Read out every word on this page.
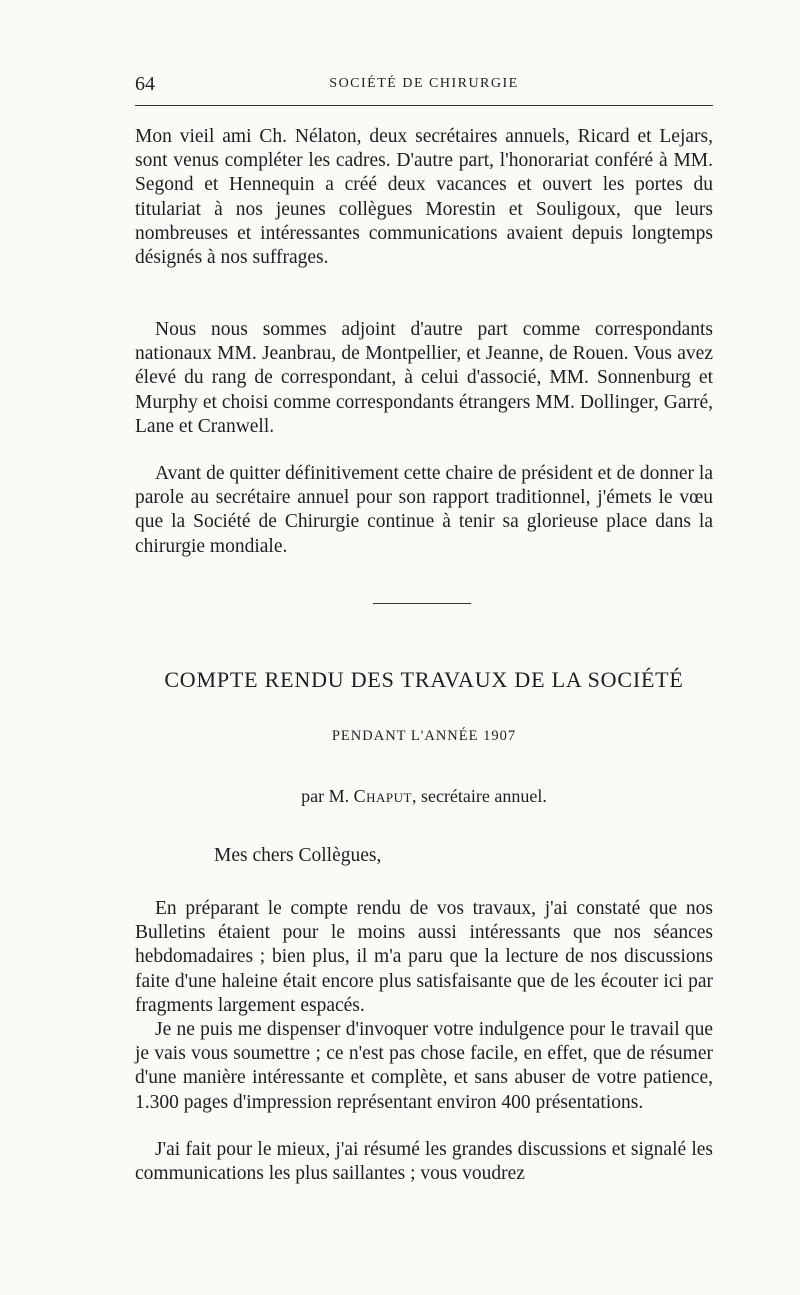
64	SOCIÉTÉ DE CHIRURGIE

Mon vieil ami Ch. Nélaton, deux secrétaires annuels, Ricard et Lejars, sont venus compléter les cadres. D'autre part, l'honorariat conféré à MM. Segond et Hennequin a créé deux vacances et ouvert les portes du titulariat à nos jeunes collègues Morestin et Souligoux, que leurs nombreuses et intéressantes communications avaient depuis longtemps désignés à nos suffrages.

Nous nous sommes adjoint d'autre part comme correspondants nationaux MM. Jeanbrau, de Montpellier, et Jeanne, de Rouen. Vous avez élevé du rang de correspondant, à celui d'associé, MM. Sonnenburg et Murphy et choisi comme correspondants étrangers MM. Dollinger, Garré, Lane et Cranwell.

Avant de quitter définitivement cette chaire de président et de donner la parole au secrétaire annuel pour son rapport traditionnel, j'émets le vœu que la Société de Chirurgie continue à tenir sa glorieuse place dans la chirurgie mondiale.

COMPTE RENDU DES TRAVAUX DE LA SOCIÉTÉ
PENDANT L'ANNÉE 1907
par M. Chaput, secrétaire annuel.
Mes chers Collègues,

En préparant le compte rendu de vos travaux, j'ai constaté que nos Bulletins étaient pour le moins aussi intéressants que nos séances hebdomadaires ; bien plus, il m'a paru que la lecture de nos discussions faite d'une haleine était encore plus satisfaisante que de les écouter ici par fragments largement espacés.

Je ne puis me dispenser d'invoquer votre indulgence pour le travail que je vais vous soumettre ; ce n'est pas chose facile, en effet, que de résumer d'une manière intéressante et complète, et sans abuser de votre patience, 1.300 pages d'impression représentant environ 400 présentations.

J'ai fait pour le mieux, j'ai résumé les grandes discussions et signalé les communications les plus saillantes ; vous voudrez
